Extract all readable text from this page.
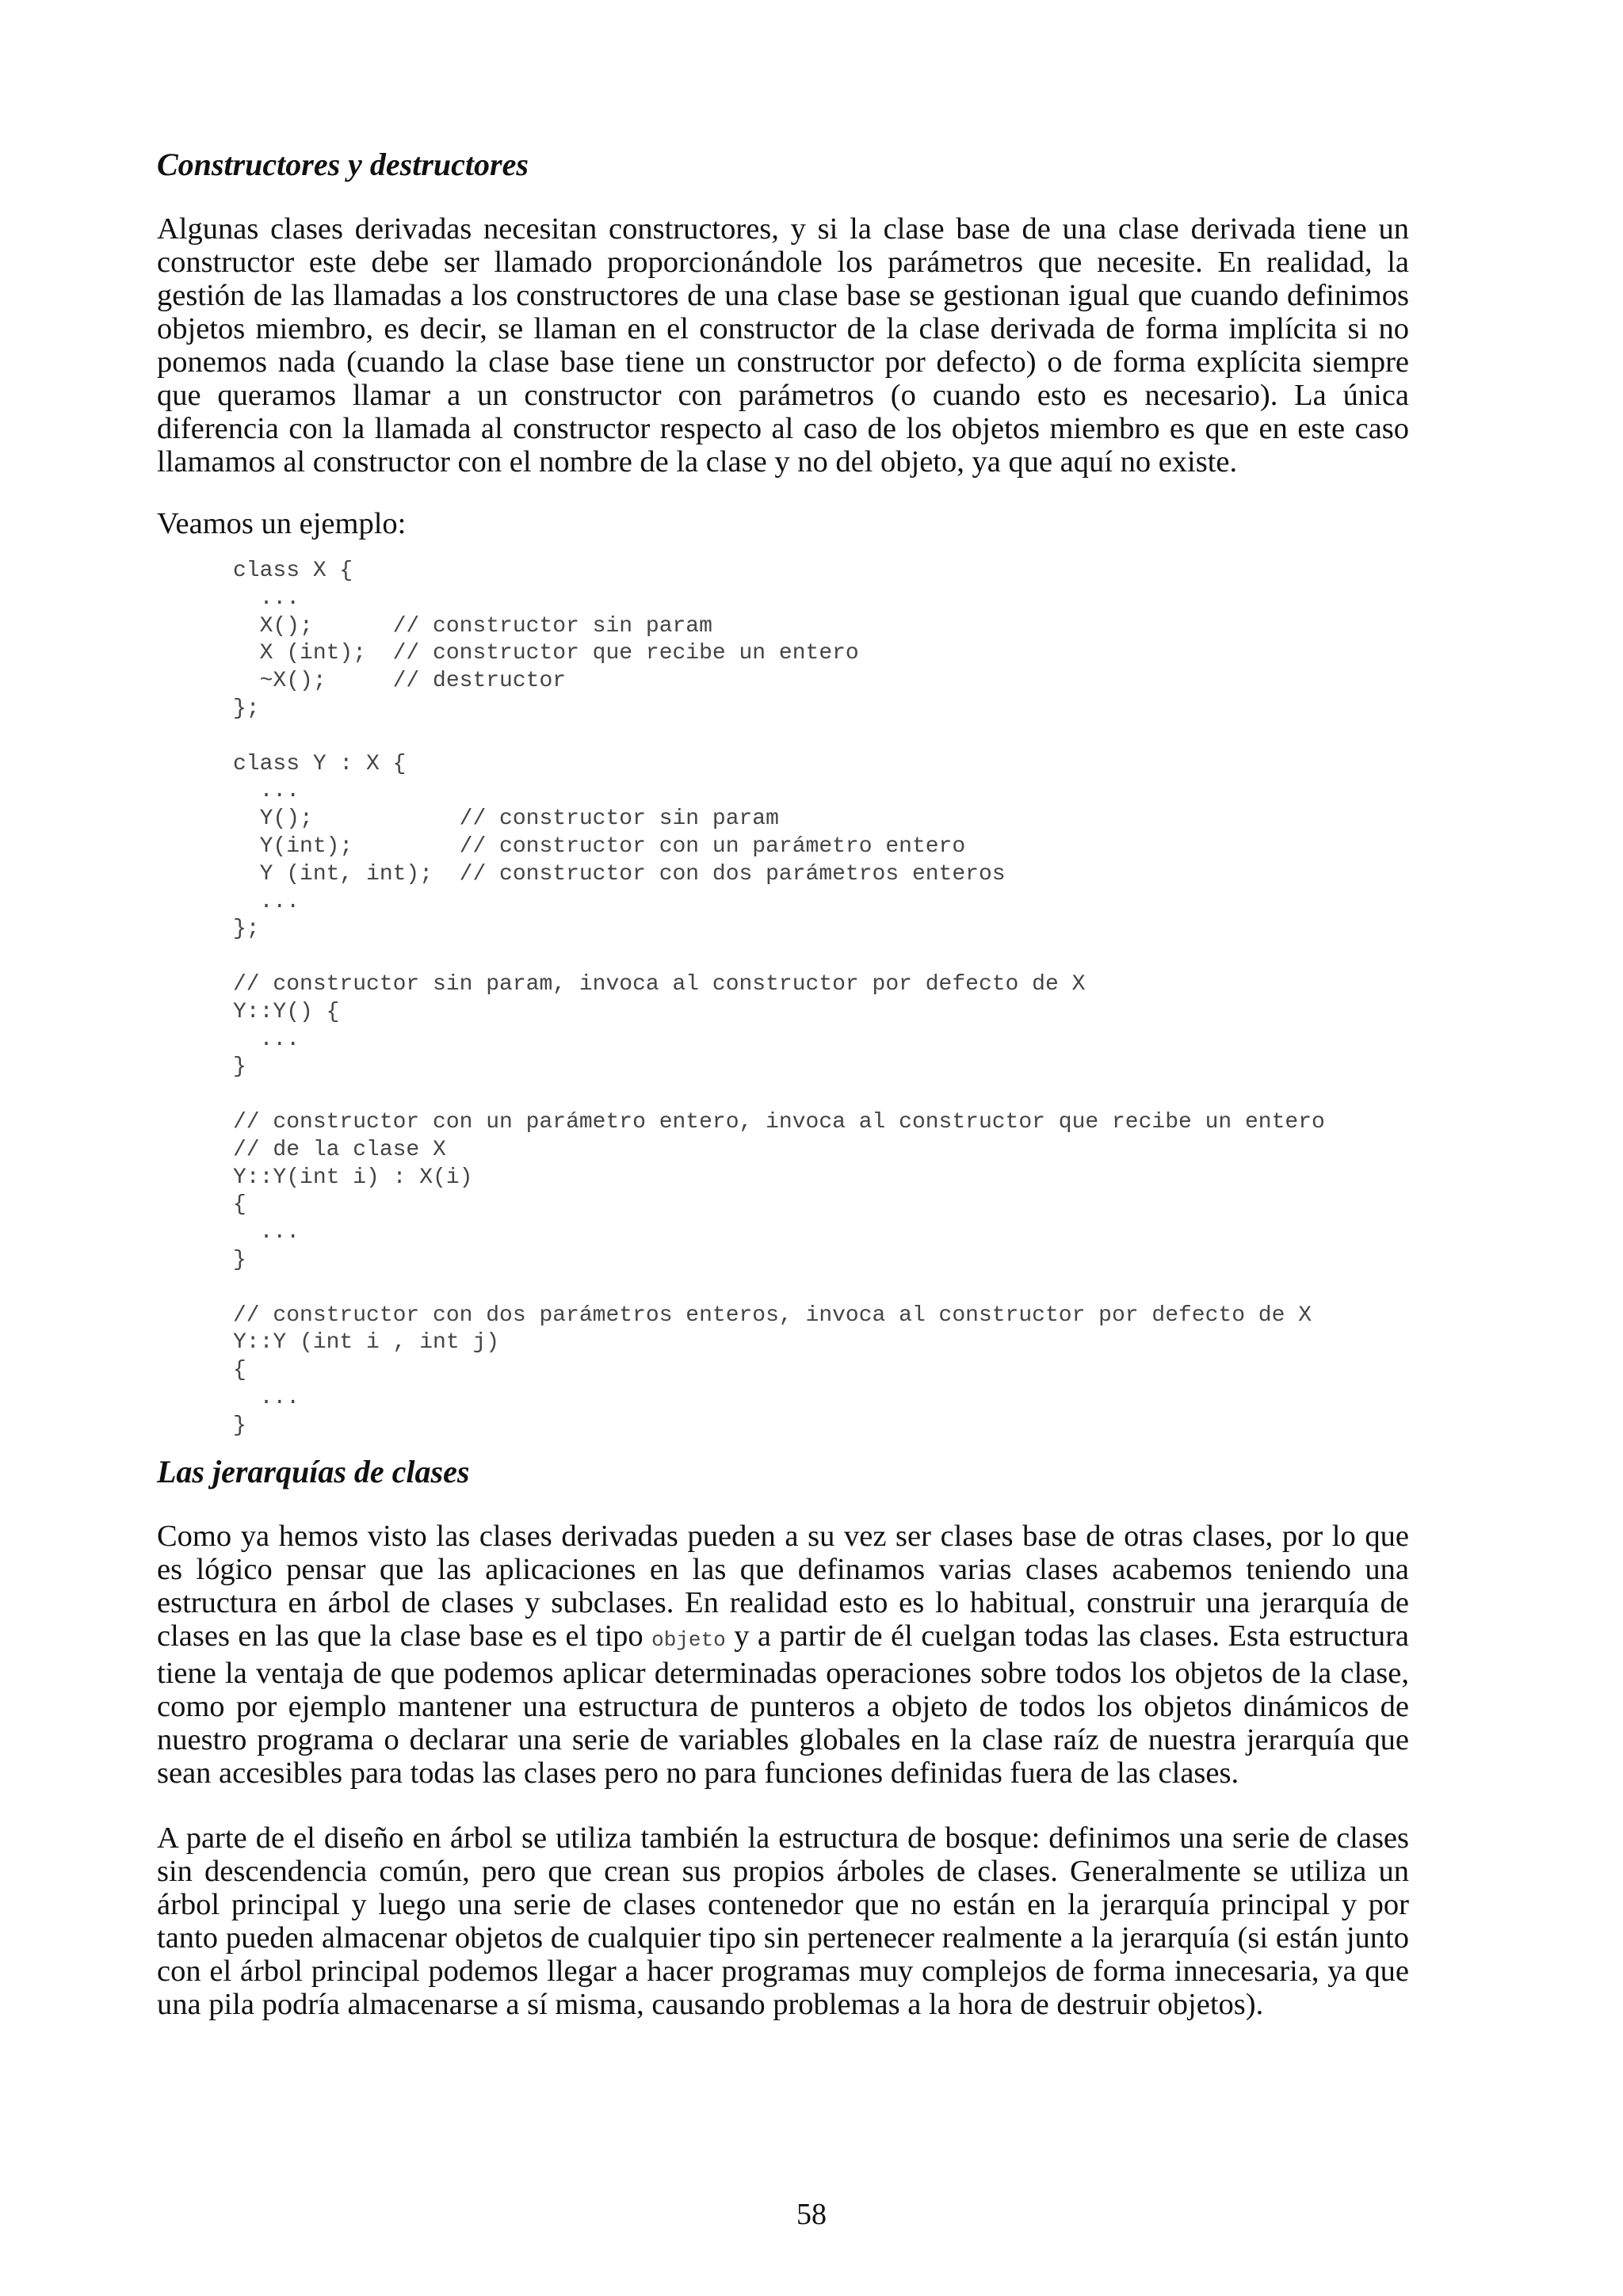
Constructores y destructores

Algunas clases derivadas necesitan constructores, y si la clase base de una clase derivada tiene un constructor este debe ser llamado proporcionándole los parámetros que necesite. En realidad, la gestión de las llamadas a los constructores de una clase base se gestionan igual que cuando definimos objetos miembro, es decir, se llaman en el constructor de la clase derivada de forma implícita si no ponemos nada (cuando la clase base tiene un constructor por defecto) o de forma explícita siempre que queramos llamar a un constructor con parámetros (o cuando esto es necesario). La única diferencia con la llamada al constructor respecto al caso de los objetos miembro es que en este caso llamamos al constructor con el nombre de la clase y no del objeto, ya que aquí no existe.

Veamos un ejemplo:

class X {
...
X();      // constructor sin param
X (int);  // constructor que recibe un entero
~X();     // destructor
};

class Y : X {
...
Y();           // constructor sin param
Y(int);        // constructor con un parámetro entero
Y (int, int);  // constructor con dos parámetros enteros
...
};

// constructor sin param, invoca al constructor por defecto de X
Y::Y() {
...
}

// constructor con un parámetro entero, invoca al constructor que recibe un entero
// de la clase X
Y::Y(int i) : X(i)
{
...
}

// constructor con dos parámetros enteros, invoca al constructor por defecto de X
Y::Y (int i , int j)
{
...
}
Las jerarquías de clases

Como ya hemos visto las clases derivadas pueden a su vez ser clases base de otras clases, por lo que es lógico pensar que las aplicaciones en las que definamos varias clases acabemos teniendo una estructura en árbol de clases y subclases. En realidad esto es lo habitual, construir una jerarquía de clases en las que la clase base es el tipo objeto y a partir de él cuelgan todas las clases. Esta estructura tiene la ventaja de que podemos aplicar determinadas operaciones sobre todos los objetos de la clase, como por ejemplo mantener una estructura de punteros a objeto de todos los objetos dinámicos de nuestro programa o declarar una serie de variables globales en la clase raíz de nuestra jerarquía que sean accesibles para todas las clases pero no para funciones definidas fuera de las clases.

A parte de el diseño en árbol se utiliza también la estructura de bosque: definimos una serie de clases sin descendencia común, pero que crean sus propios árboles de clases. Generalmente se utiliza un árbol principal y luego una serie de clases contenedor que no están en la jerarquía principal y por tanto pueden almacenar objetos de cualquier tipo sin pertenecer realmente a la jerarquía (si están junto con el árbol principal podemos llegar a hacer programas muy complejos de forma innecesaria, ya que una pila podría almacenarse a sí misma, causando problemas a la hora de destruir objetos).

58
